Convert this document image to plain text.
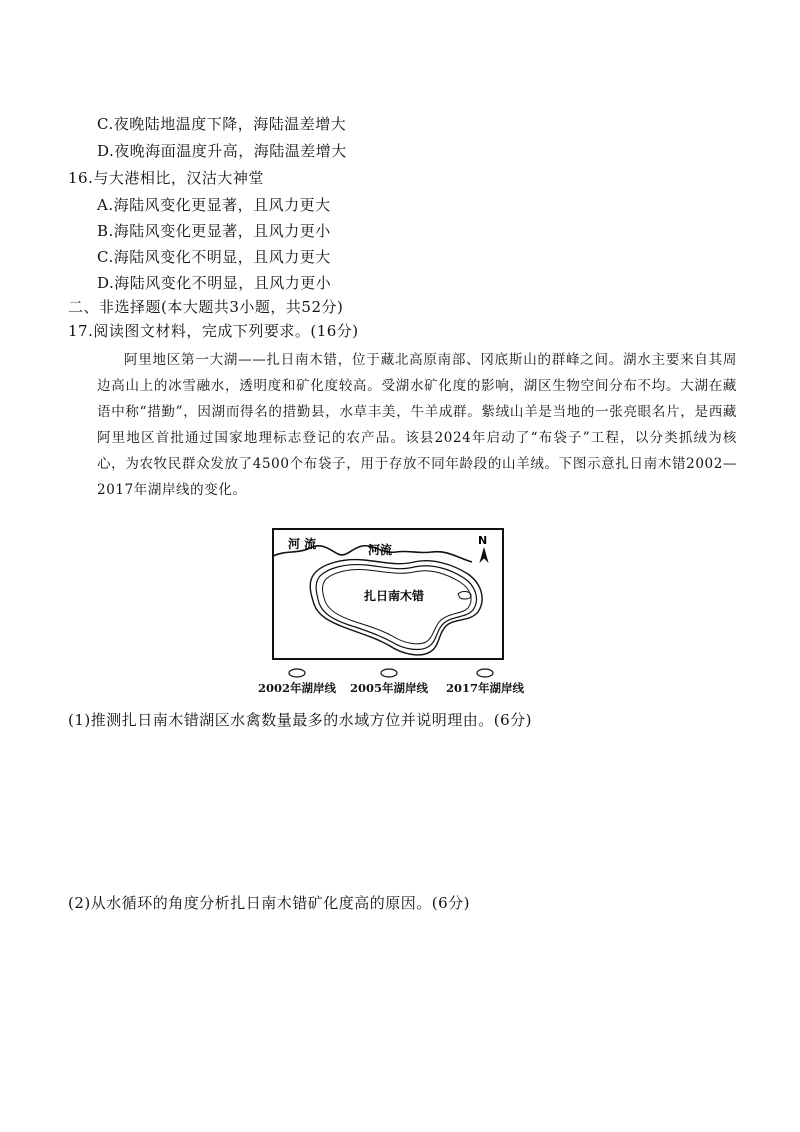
C.夜晚陆地温度下降，海陆温差增大
D.夜晚海面温度升高，海陆温差增大
16.与大港相比，汉沽大神堂
A.海陆风变化更显著，且风力更大
B.海陆风变化更显著，且风力更小
C.海陆风变化不明显，且风力更大
D.海陆风变化不明显，且风力更小
二、非选择题(本大题共3小题，共52分)
17.阅读图文材料，完成下列要求。(16分)

阿里地区第一大湖——扎日南木错，位于藏北高原南部、冈底斯山的群峰之间。湖水主要来自其周边高山上的冰雪融水，透明度和矿化度较高。受湖水矿化度的影响，湖区生物空间分布不均。大湖在藏语中称“措勤”，因湖而得名的措勤县，水草丰美，牛羊成群。紫绒山羊是当地的一张亮眼名片，是西藏阿里地区首批通过国家地理标志登记的农产品。该县2024年启动了“布袋子”工程，以分类抓绒为核心，为农牧民群众发放了4500个布袋子，用于存放不同年龄段的山羊绒。下图示意扎日南木错2002—2017年湖岸线的变化。

河 流	河流
扎日南木错
N
2002年湖岸线 2005年湖岸线 2017年湖岸线
(1)推测扎日南木错湖区水禽数量最多的水域方位并说明理由。(6分)
(2)从水循环的角度分析扎日南木错矿化度高的原因。(6分)
